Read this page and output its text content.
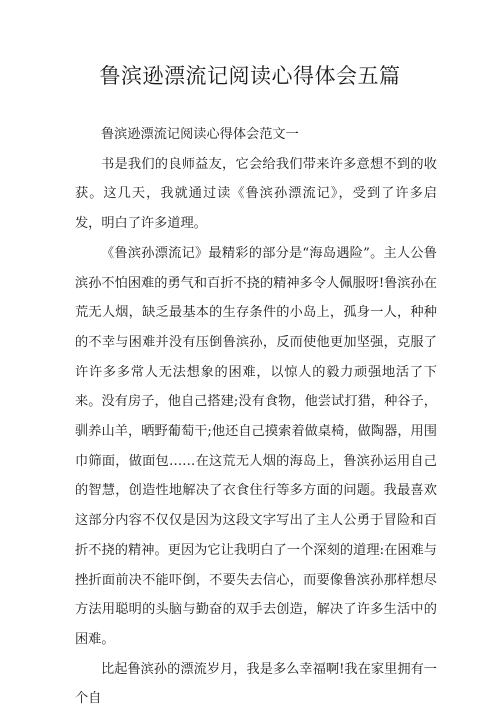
鲁滨逊漂流记阅读心得体会五篇

鲁滨逊漂流记阅读心得体会范文一

书是我们的良师益友，它会给我们带来许多意想不到的收获。这几天，我就通过读《鲁滨孙漂流记》，受到了许多启发，明白了许多道理。

《鲁滨孙漂流记》最精彩的部分是“海岛遇险”。主人公鲁滨孙不怕困难的勇气和百折不挠的精神多令人佩服呀!鲁滨孙在荒无人烟，缺乏最基本的生存条件的小岛上，孤身一人，种种的不幸与困难并没有压倒鲁滨孙，反而使他更加坚强，克服了许许多多常人无法想象的困难，以惊人的毅力顽强地活了下来。没有房子，他自己搭建;没有食物，他尝试打猎，种谷子，驯养山羊，晒野葡萄干;他还自己摸索着做桌椅，做陶器，用围巾筛面，做面包……在这荒无人烟的海岛上，鲁滨孙运用自己的智慧，创造性地解决了衣食住行等多方面的问题。我最喜欢这部分内容不仅仅是因为这段文字写出了主人公勇于冒险和百折不挠的精神。更因为它让我明白了一个深刻的道理:在困难与挫折面前决不能吓倒，不要失去信心，而要像鲁滨孙那样想尽方法用聪明的头脑与勤奋的双手去创造，解决了许多生活中的困难。

比起鲁滨孙的漂流岁月，我是多么幸福啊!我在家里拥有一个自
